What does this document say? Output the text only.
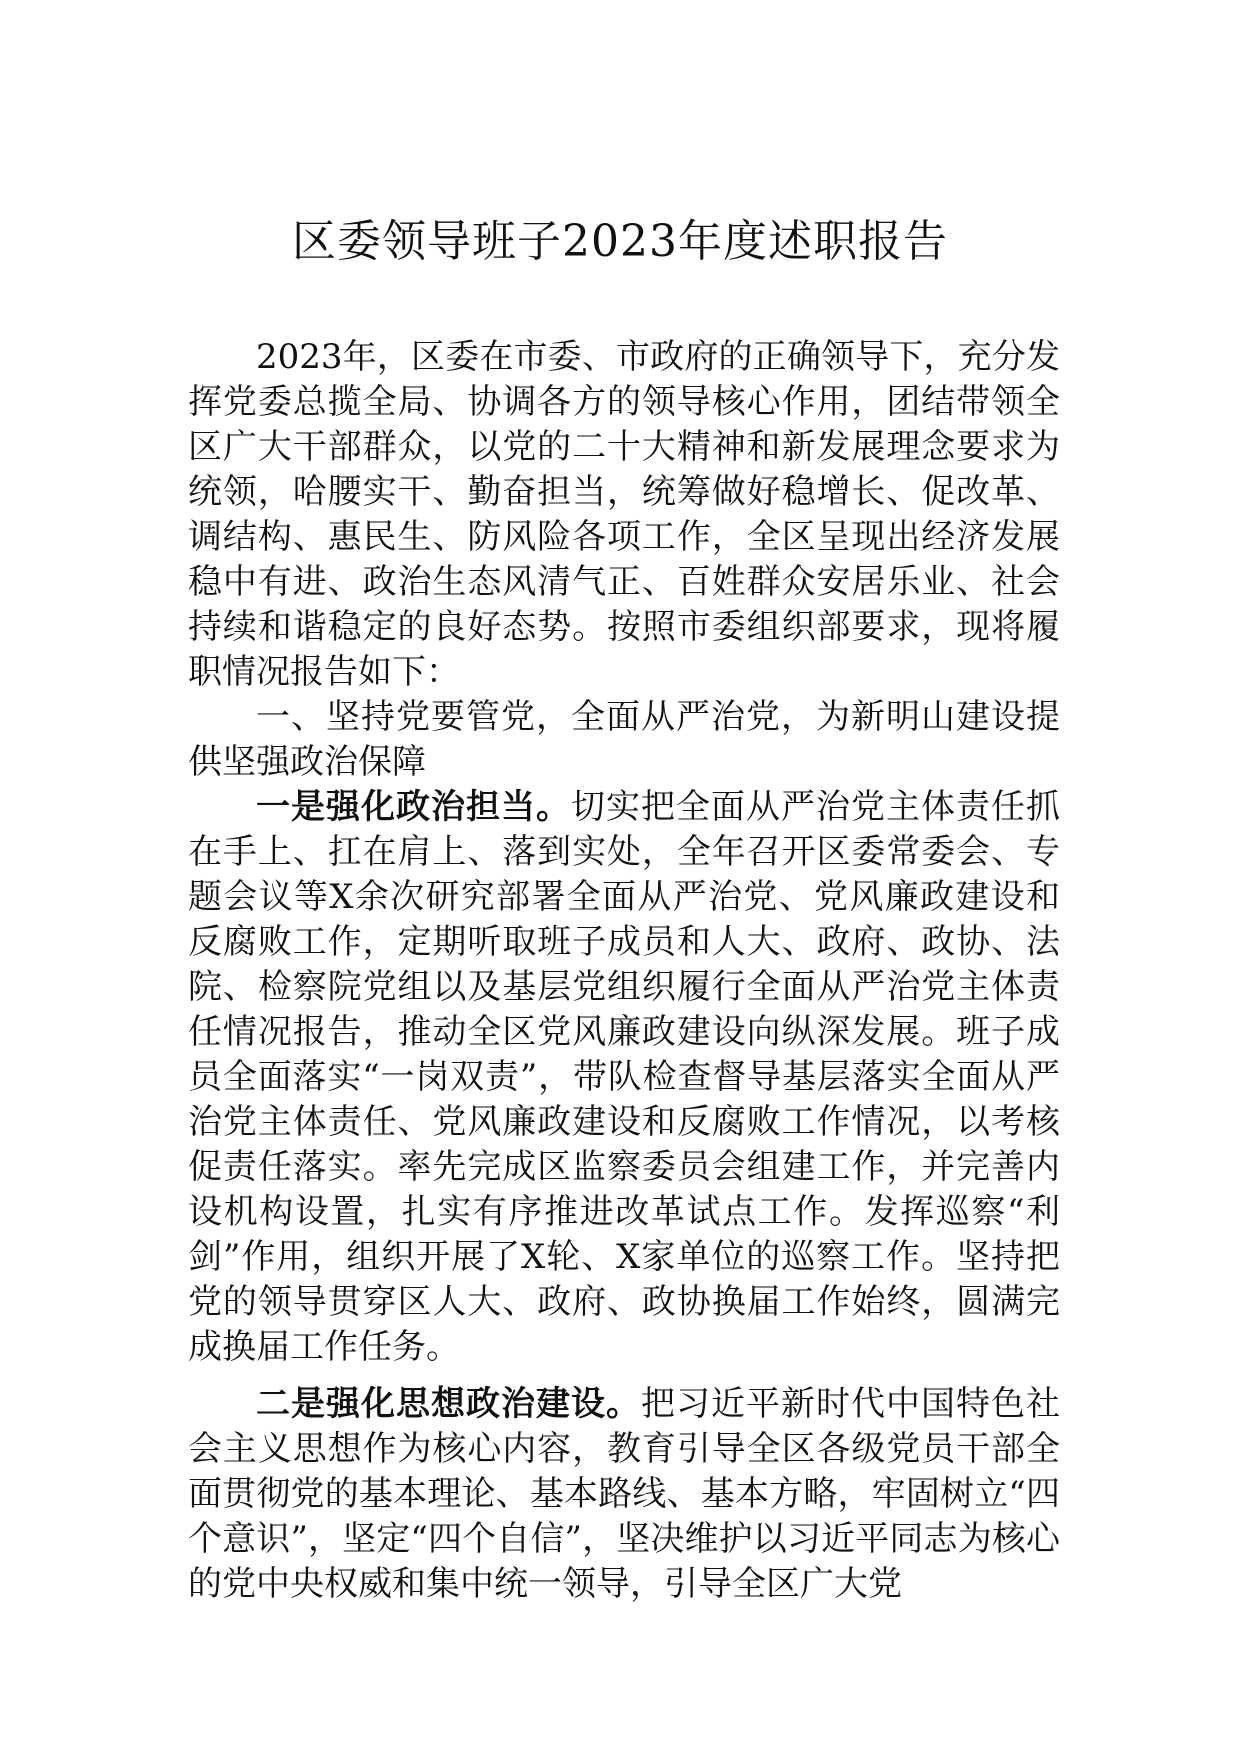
区委领导班子2023年度述职报告

2023年，区委在市委、市政府的正确领导下，充分发挥党委总揽全局、协调各方的领导核心作用，团结带领全区广大干部群众，以党的二十大精神和新发展理念要求为统领，哈腰实干、勤奋担当，统筹做好稳增长、促改革、调结构、惠民生、防风险各项工作，全区呈现出经济发展稳中有进、政治生态风清气正、百姓群众安居乐业、社会持续和谐稳定的良好态势。按照市委组织部要求，现将履职情况报告如下：

一、坚持党要管党，全面从严治党，为新明山建设提供坚强政治保障

一是强化政治担当。切实把全面从严治党主体责任抓在手上、扛在肩上、落到实处，全年召开区委常委会、专题会议等X余次研究部署全面从严治党、党风廉政建设和反腐败工作，定期听取班子成员和人大、政府、政协、法院、检察院党组以及基层党组织履行全面从严治党主体责任情况报告，推动全区党风廉政建设向纵深发展。班子成员全面落实“一岗双责”，带队检查督导基层落实全面从严治党主体责任、党风廉政建设和反腐败工作情况，以考核促责任落实。率先完成区监察委员会组建工作，并完善内设机构设置，扎实有序推进改革试点工作。发挥巡察“利剑”作用，组织开展了X轮、X家单位的巡察工作。坚持把党的领导贯穿区人大、政府、政协换届工作始终，圆满完成换届工作任务。

二是强化思想政治建设。把习近平新时代中国特色社会主义思想作为核心内容，教育引导全区各级党员干部全面贯彻党的基本理论、基本路线、基本方略，牢固树立“四个意识”，坚定“四个自信”，坚决维护以习近平同志为核心的党中央权威和集中统一领导，引导全区广大党
